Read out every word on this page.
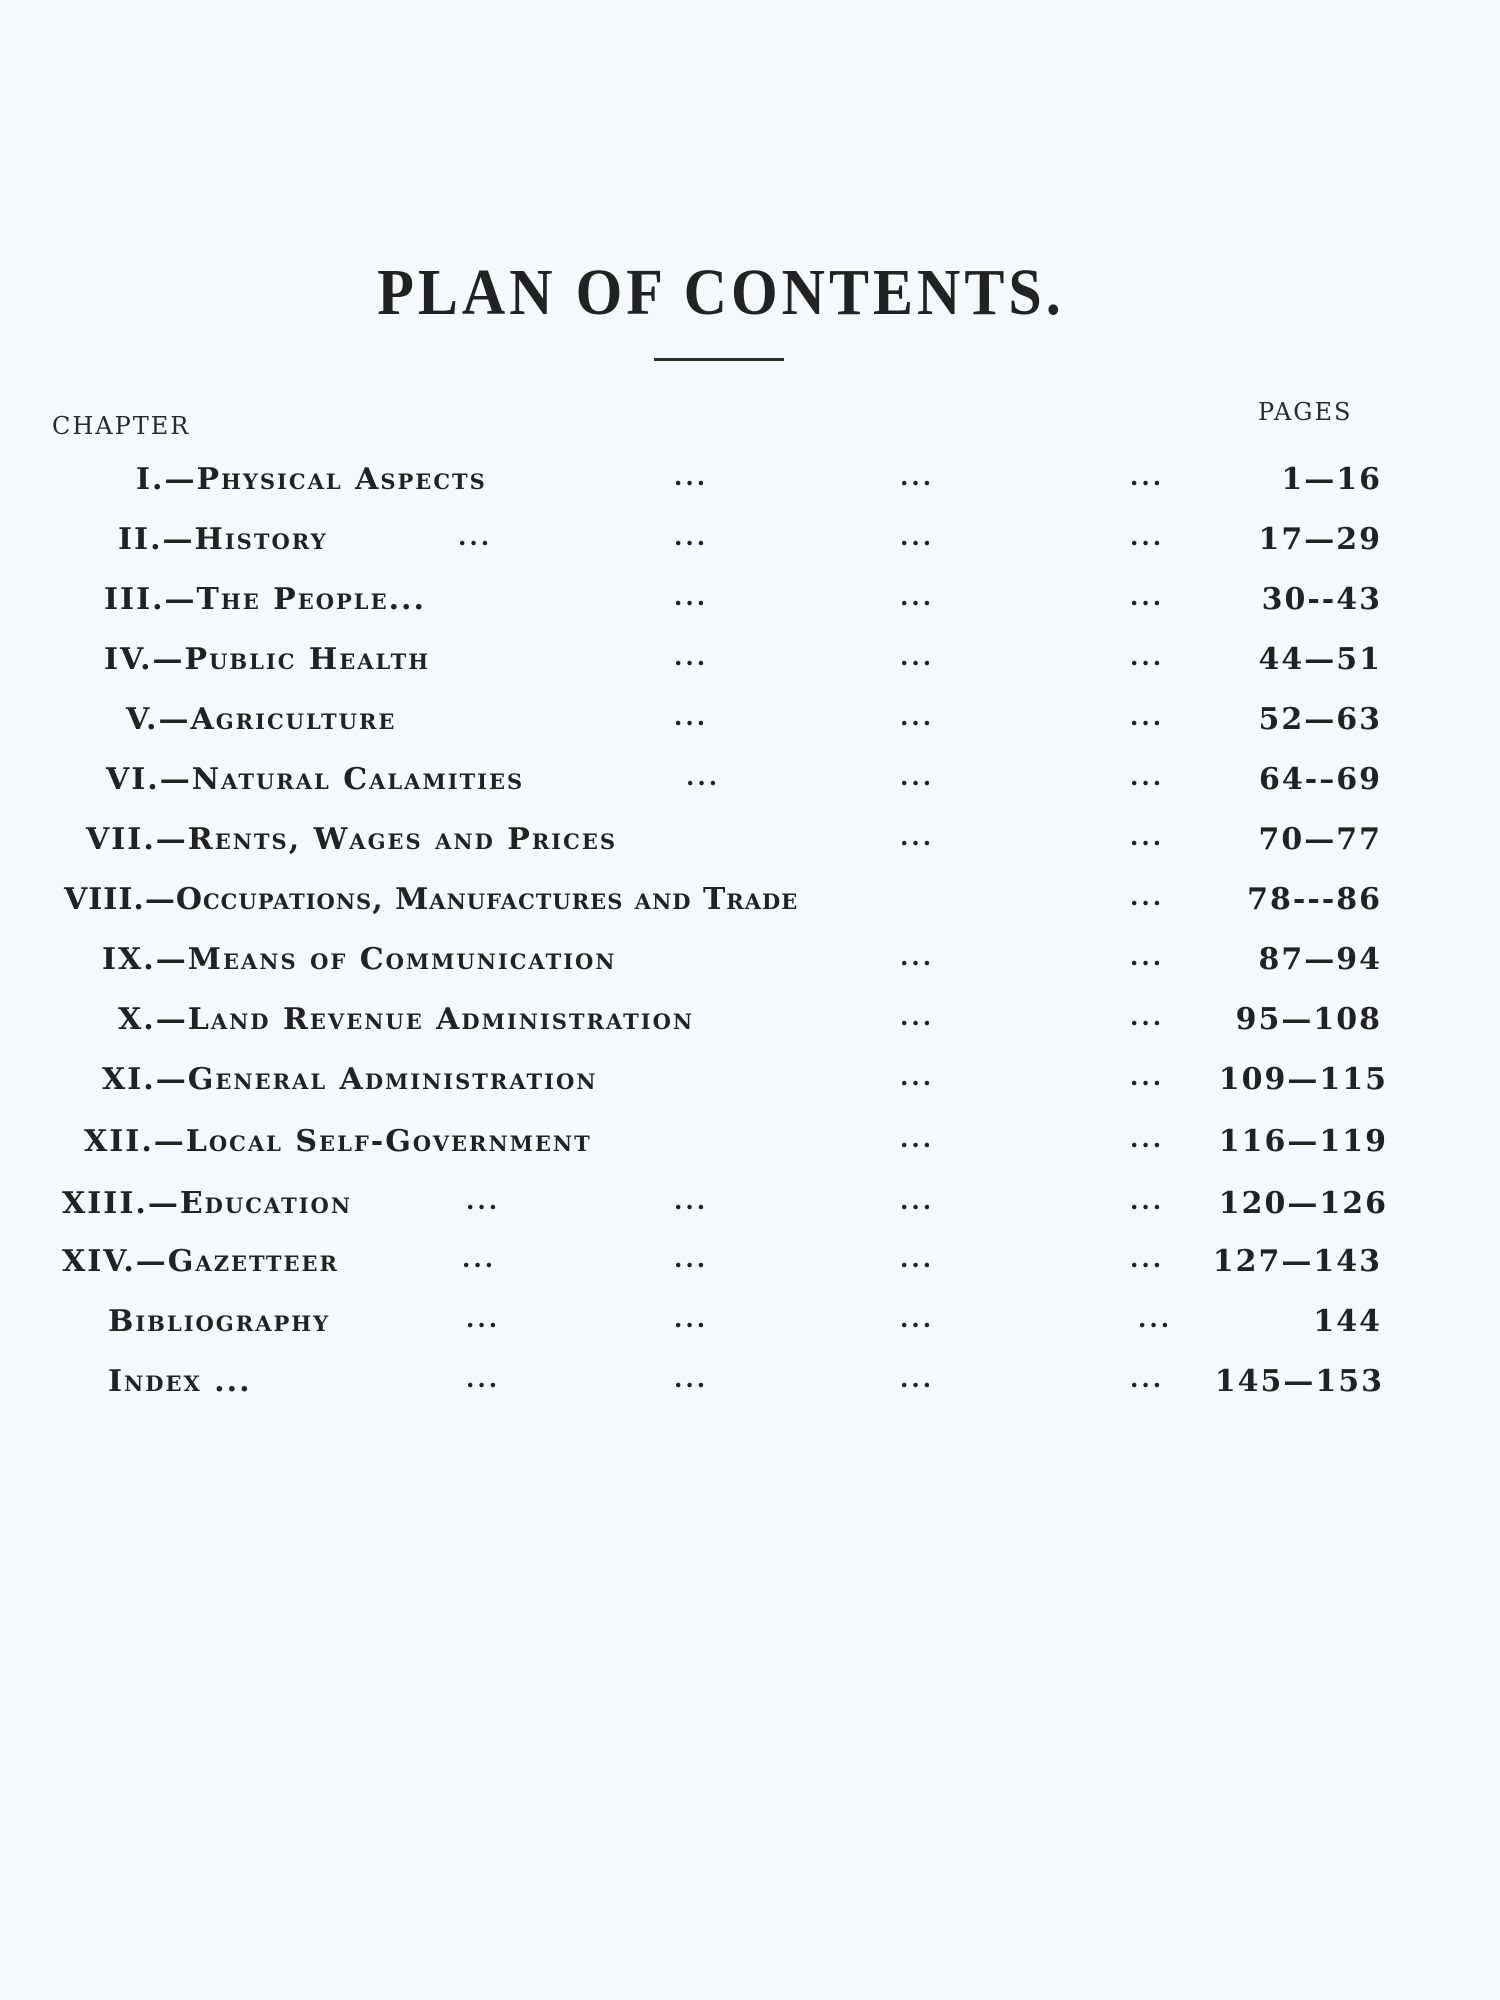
PLAN OF CONTENTS.
CHAPTER	PAGES
I.—Physical Aspects	...	...	...	1—16
II.—History	...	...	...	...	17—29
III.—The People...	...	...	...	30--43
IV.—Public Health	...	...	...	44—51
V.—Agriculture	...	...	...	52—63
VI.—Natural Calamities	...	...	...	64-–69
VII.—Rents, Wages and Prices	...	...	70—77
VIII.—Occupations, Manufactures and Trade	...	78---86
IX.—Means of Communication	...	...	87—94
X.—Land Revenue Administration	...	... 95—108
XI.—General Administration	...	... 109—115
XII.—Local Self-Government	...	... 116—119
XIII.—Education	...	...	...	... 120—126
XIV.—Gazetteer	...	...	...	... 127—143
Bibliography	...	...	...	...	144
Index ...	...	...	...	... 145—153
